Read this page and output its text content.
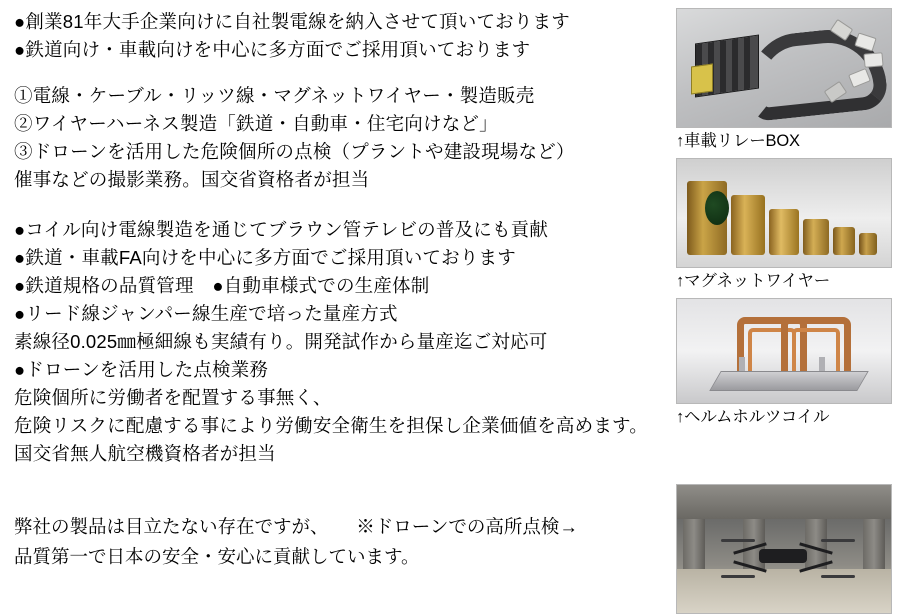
●創業81年大手企業向けに自社製電線を納入させて頂いております
●鉄道向け・車載向けを中心に多方面でご採用頂いております
①電線・ケーブル・リッツ線・マグネットワイヤー・製造販売
②ワイヤーハーネス製造「鉄道・自動車・住宅向けなど」
③ドローンを活用した危険個所の点検（プラントや建設現場など）
催事などの撮影業務。国交省資格者が担当
●コイル向け電線製造を通じてブラウン管テレビの普及にも貢献
●鉄道・車載FA向けを中心に多方面でご採用頂いております
●鉄道規格の品質管理　●自動車様式での生産体制
●リード線ジャンパー線生産で培った量産方式
素線径0.025㎜極細線も実績有り。開発試作から量産迄ご対応可
●ドローンを活用した点検業務
危険個所に労働者を配置する事無く、
危険リスクに配慮する事により労働安全衛生を担保し企業価値を高めます。
国交省無人航空機資格者が担当
弊社の製品は目立たない存在ですが、　　※ドローンでの高所点検→
品質第一で日本の安全・安心に貢献しています。
↑車載リレーBOX
↑マグネットワイヤー
↑ヘルムホルツコイル
